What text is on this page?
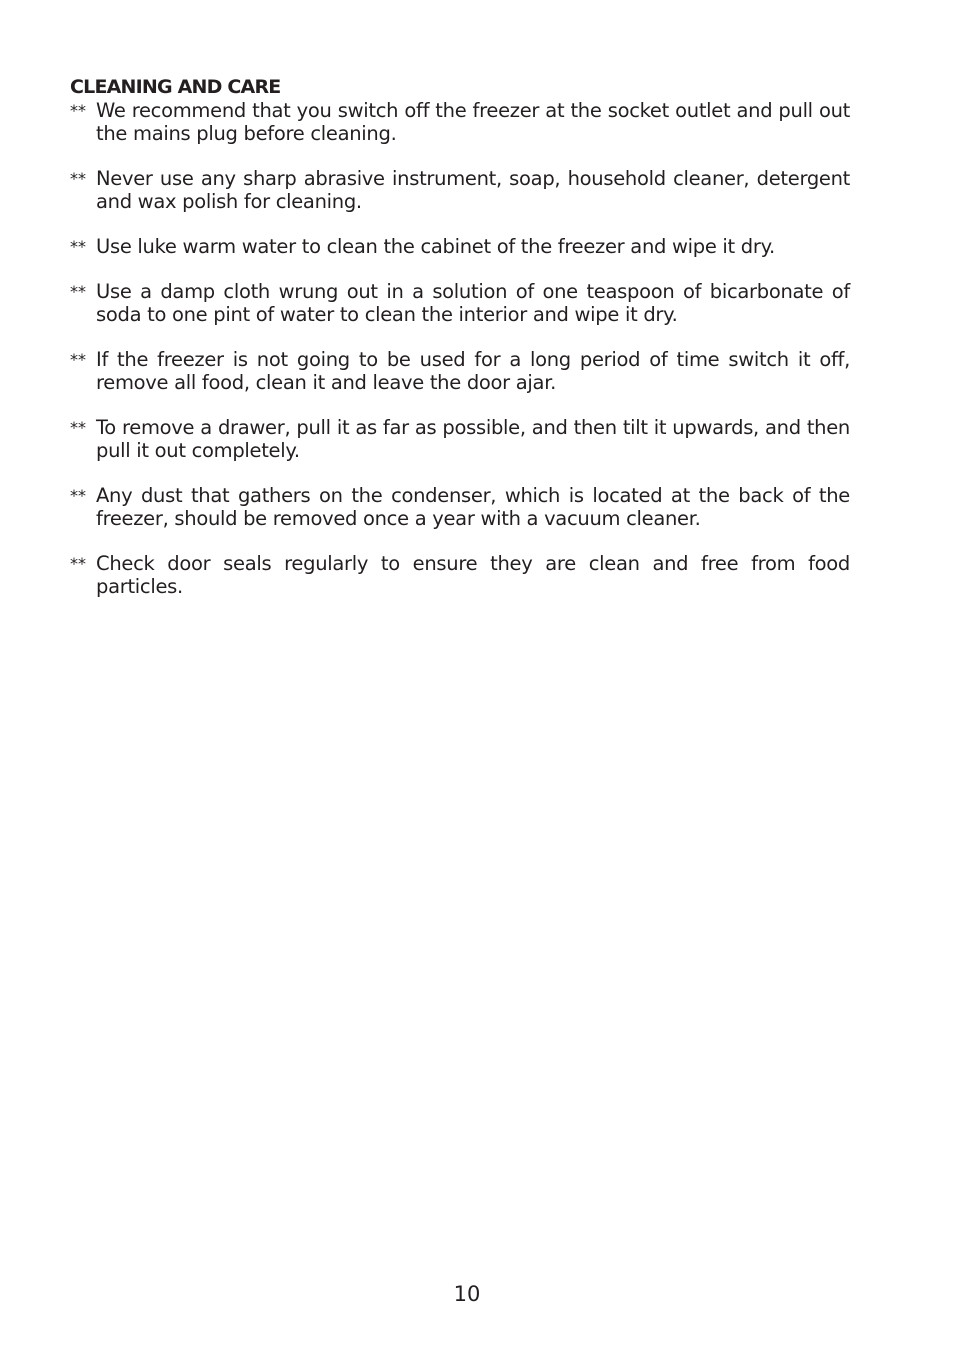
CLEANING AND CARE
** We recommend that you switch off the freezer at the socket outlet and pull out the mains plug before cleaning.
** Never use any sharp abrasive instrument, soap, household cleaner, detergent and wax polish for cleaning.
** Use luke warm water to clean the cabinet of the freezer and wipe it dry.
** Use a damp cloth wrung out in a solution of one teaspoon of bicarbonate of soda to one pint of water to clean the interior and wipe it dry.
** If the freezer is not going to be used for a long period of time switch it off, remove all food, clean it and leave the door ajar.
** To remove a drawer, pull it as far as possible, and then tilt it upwards, and then pull it out completely.
** Any dust that gathers on the condenser, which is located at the back of the freezer, should be removed once a year with a vacuum cleaner.
** Check door seals regularly to ensure they are clean and free from food particles.
10
